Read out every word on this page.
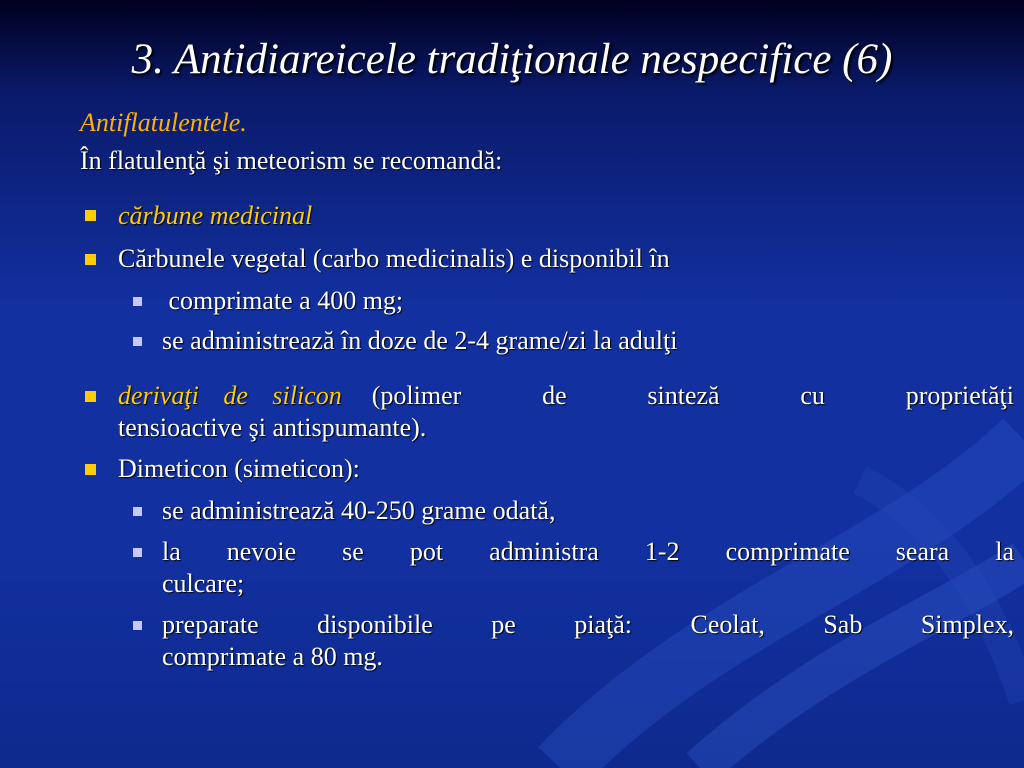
3. Antidiareicele tradiţionale nespecifice (6)
Antiflatulentele.
În flatulenţă şi meteorism se recomandă:
cărbune medicinal
Cărbunele vegetal (carbo medicinalis) e disponibil în
comprimate a 400 mg;
se administrează în doze de 2-4 grame/zi la adulţi
derivaţi de silicon (polimer de sinteză cu proprietăţi
tensioactive şi antispumante).
Dimeticon (simeticon):
se administrează 40-250 grame odată,
la nevoie se pot administra 1-2 comprimate seara la
culcare;
preparate disponibile pe piaţă: Ceolat, Sab Simplex,
comprimate a 80 mg.
